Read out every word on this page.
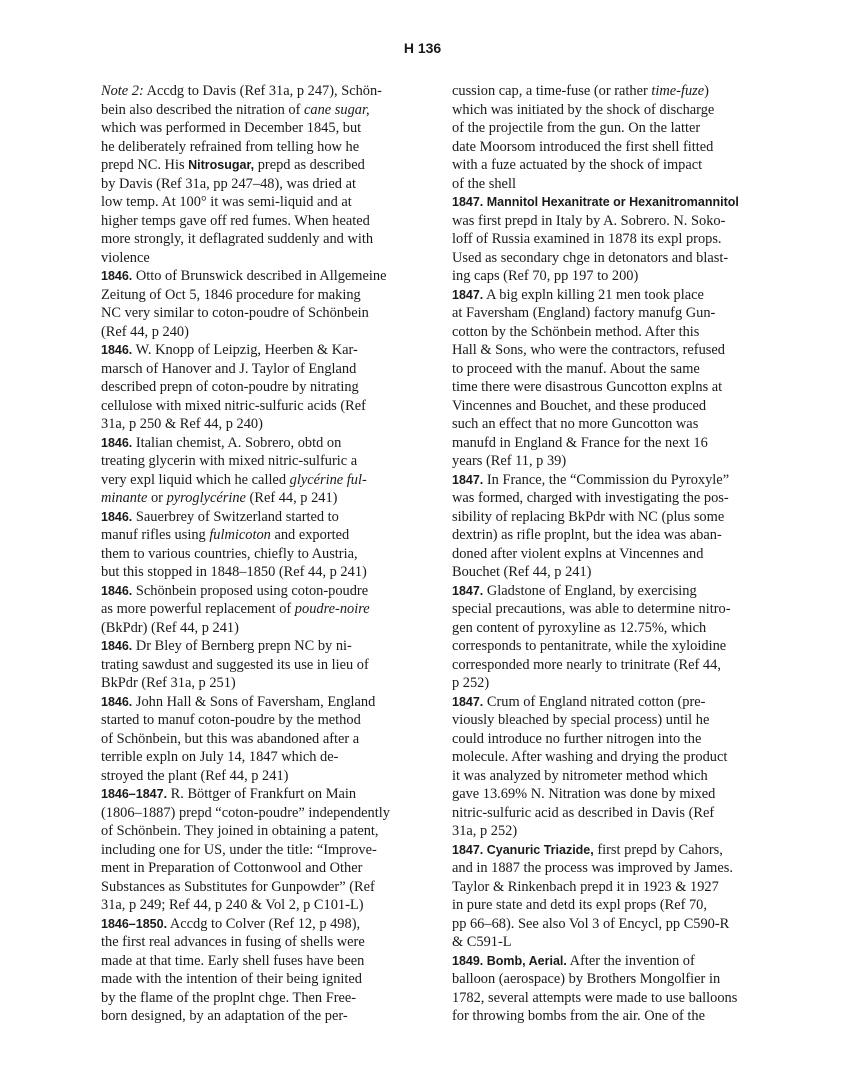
H 136
Note 2: Accdg to Davis (Ref 31a, p 247), Schön-
bein also described the nitration of cane sugar,
which was performed in December 1845, but
he deliberately refrained from telling how he
prepd NC. His Nitrosugar, prepd as described
by Davis (Ref 31a, pp 247–48), was dried at
low temp. At 100° it was semi-liquid and at
higher temps gave off red fumes. When heated
more strongly, it deflagrated suddenly and with
violence
1846. Otto of Brunswick described in Allgemeine
Zeitung of Oct 5, 1846 procedure for making
NC very similar to coton-poudre of Schönbein
(Ref 44, p 240)
1846. W. Knopp of Leipzig, Heerben & Kar-
marsch of Hanover and J. Taylor of England
described prepn of coton-poudre by nitrating
cellulose with mixed nitric-sulfuric acids (Ref
31a, p 250 & Ref 44, p 240)
1846. Italian chemist, A. Sobrero, obtd on
treating glycerin with mixed nitric-sulfuric a
very expl liquid which he called glycérine ful-
minante or pyroglycérine (Ref 44, p 241)
1846. Sauerbrey of Switzerland started to
manuf rifles using fulmicoton and exported
them to various countries, chiefly to Austria,
but this stopped in 1848–1850 (Ref 44, p 241)
1846. Schönbein proposed using coton-poudre
as more powerful replacement of poudre-noire
(BkPdr) (Ref 44, p 241)
1846. Dr Bley of Bernberg prepn NC by ni-
trating sawdust and suggested its use in lieu of
BkPdr (Ref 31a, p 251)
1846. John Hall & Sons of Faversham, England
started to manuf coton-poudre by the method
of Schönbein, but this was abandoned after a
terrible expln on July 14, 1847 which de-
stroyed the plant (Ref 44, p 241)
1846–1847. R. Böttger of Frankfurt on Main
(1806–1887) prepd “coton-poudre” independently
of Schönbein. They joined in obtaining a patent,
including one for US, under the title: “Improve-
ment in Preparation of Cottonwool and Other
Substances as Substitutes for Gunpowder” (Ref
31a, p 249; Ref 44, p 240 & Vol 2, p C101-L)
1846–1850. Accdg to Colver (Ref 12, p 498),
the first real advances in fusing of shells were
made at that time. Early shell fuses have been
made with the intention of their being ignited
by the flame of the proplnt chge. Then Free-
born designed, by an adaptation of the per-
cussion cap, a time-fuse (or rather time-fuze)
which was initiated by the shock of discharge
of the projectile from the gun. On the latter
date Moorsom introduced the first shell fitted
with a fuze actuated by the shock of impact
of the shell
1847. Mannitol Hexanitrate or Hexanitromannitol
was first prepd in Italy by A. Sobrero. N. Soko-
loff of Russia examined in 1878 its expl props.
Used as secondary chge in detonators and blast-
ing caps (Ref 70, pp 197 to 200)
1847. A big expln killing 21 men took place
at Faversham (England) factory manufg Gun-
cotton by the Schönbein method. After this
Hall & Sons, who were the contractors, refused
to proceed with the manuf. About the same
time there were disastrous Guncotton explns at
Vincennes and Bouchet, and these produced
such an effect that no more Guncotton was
manufd in England & France for the next 16
years (Ref 11, p 39)
1847. In France, the “Commission du Pyroxyle”
was formed, charged with investigating the pos-
sibility of replacing BkPdr with NC (plus some
dextrin) as rifle proplnt, but the idea was aban-
doned after violent explns at Vincennes and
Bouchet (Ref 44, p 241)
1847. Gladstone of England, by exercising
special precautions, was able to determine nitro-
gen content of pyroxyline as 12.75%, which
corresponds to pentanitrate, while the xyloidine
corresponded more nearly to trinitrate (Ref 44,
p 252)
1847. Crum of England nitrated cotton (pre-
viously bleached by special process) until he
could introduce no further nitrogen into the
molecule. After washing and drying the product
it was analyzed by nitrometer method which
gave 13.69% N. Nitration was done by mixed
nitric-sulfuric acid as described in Davis (Ref
31a, p 252)
1847. Cyanuric Triazide, first prepd by Cahors,
and in 1887 the process was improved by James.
Taylor & Rinkenbach prepd it in 1923 & 1927
in pure state and detd its expl props (Ref 70,
pp 66–68). See also Vol 3 of Encycl, pp C590-R
& C591-L
1849. Bomb, Aerial. After the invention of
balloon (aerospace) by Brothers Mongolfier in
1782, several attempts were made to use balloons
for throwing bombs from the air. One of the
